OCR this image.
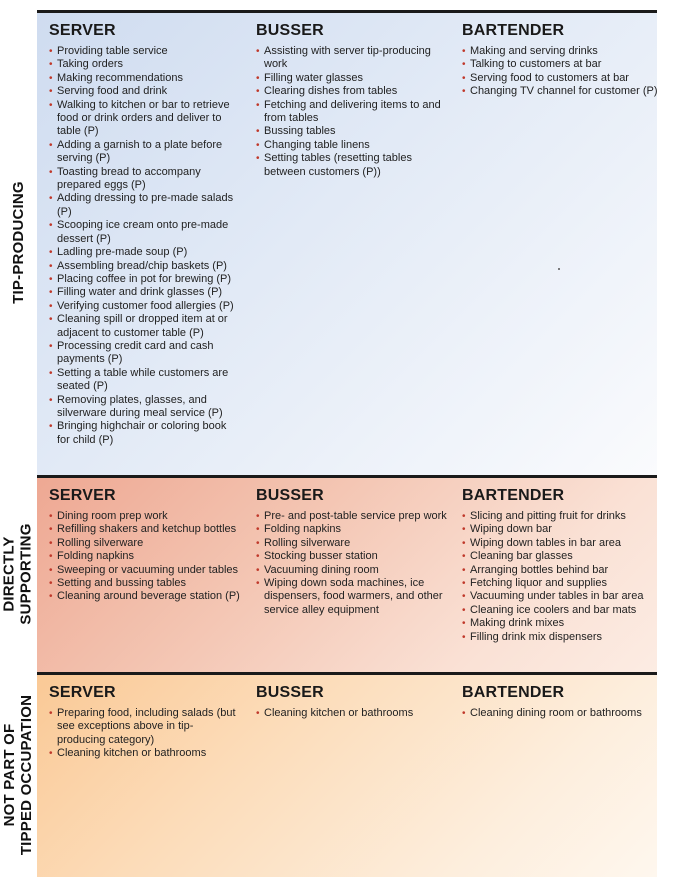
TIP-PRODUCING
SERVER
• Providing table service
• Taking orders
• Making recommendations
• Serving food and drink
• Walking to kitchen or bar to retrieve food or drink orders and deliver to table (P)
• Adding a garnish to a plate before serving (P)
• Toasting bread to accompany prepared eggs (P)
• Adding dressing to pre-made salads (P)
• Scooping ice cream onto pre-made dessert (P)
• Ladling pre-made soup (P)
• Assembling bread/chip baskets (P)
• Placing coffee in pot for brewing (P)
• Filling water and drink glasses (P)
• Verifying customer food allergies (P)
• Cleaning spill or dropped item at or adjacent to customer table (P)
• Processing credit card and cash payments (P)
• Setting a table while customers are seated (P)
• Removing plates, glasses, and silverware during meal service (P)
• Bringing highchair or coloring book for child (P)
BUSSER
• Assisting with server tip-producing work
• Filling water glasses
• Clearing dishes from tables
• Fetching and delivering items to and from tables
• Bussing tables
• Changing table linens
• Setting tables (resetting tables between customers (P))
BARTENDER
• Making and serving drinks
• Talking to customers at bar
• Serving food to customers at bar
• Changing TV channel for customer (P)
DIRECTLY SUPPORTING
SERVER
• Dining room prep work
• Refilling shakers and ketchup bottles
• Rolling silverware
• Folding napkins
• Sweeping or vacuuming under tables
• Setting and bussing tables
• Cleaning around beverage station (P)
BUSSER
• Pre- and post-table service prep work
• Folding napkins
• Rolling silverware
• Stocking busser station
• Vacuuming dining room
• Wiping down soda machines, ice dispensers, food warmers, and other service alley equipment
BARTENDER
• Slicing and pitting fruit for drinks
• Wiping down bar
• Wiping down tables in bar area
• Cleaning bar glasses
• Arranging bottles behind bar
• Fetching liquor and supplies
• Vacuuming under tables in bar area
• Cleaning ice coolers and bar mats
• Making drink mixes
• Filling drink mix dispensers
NOT PART OF TIPPED OCCUPATION
SERVER
• Preparing food, including salads (but see exceptions above in tip-producing category)
• Cleaning kitchen or bathrooms
BUSSER
• Cleaning kitchen or bathrooms
BARTENDER
• Cleaning dining room or bathrooms
